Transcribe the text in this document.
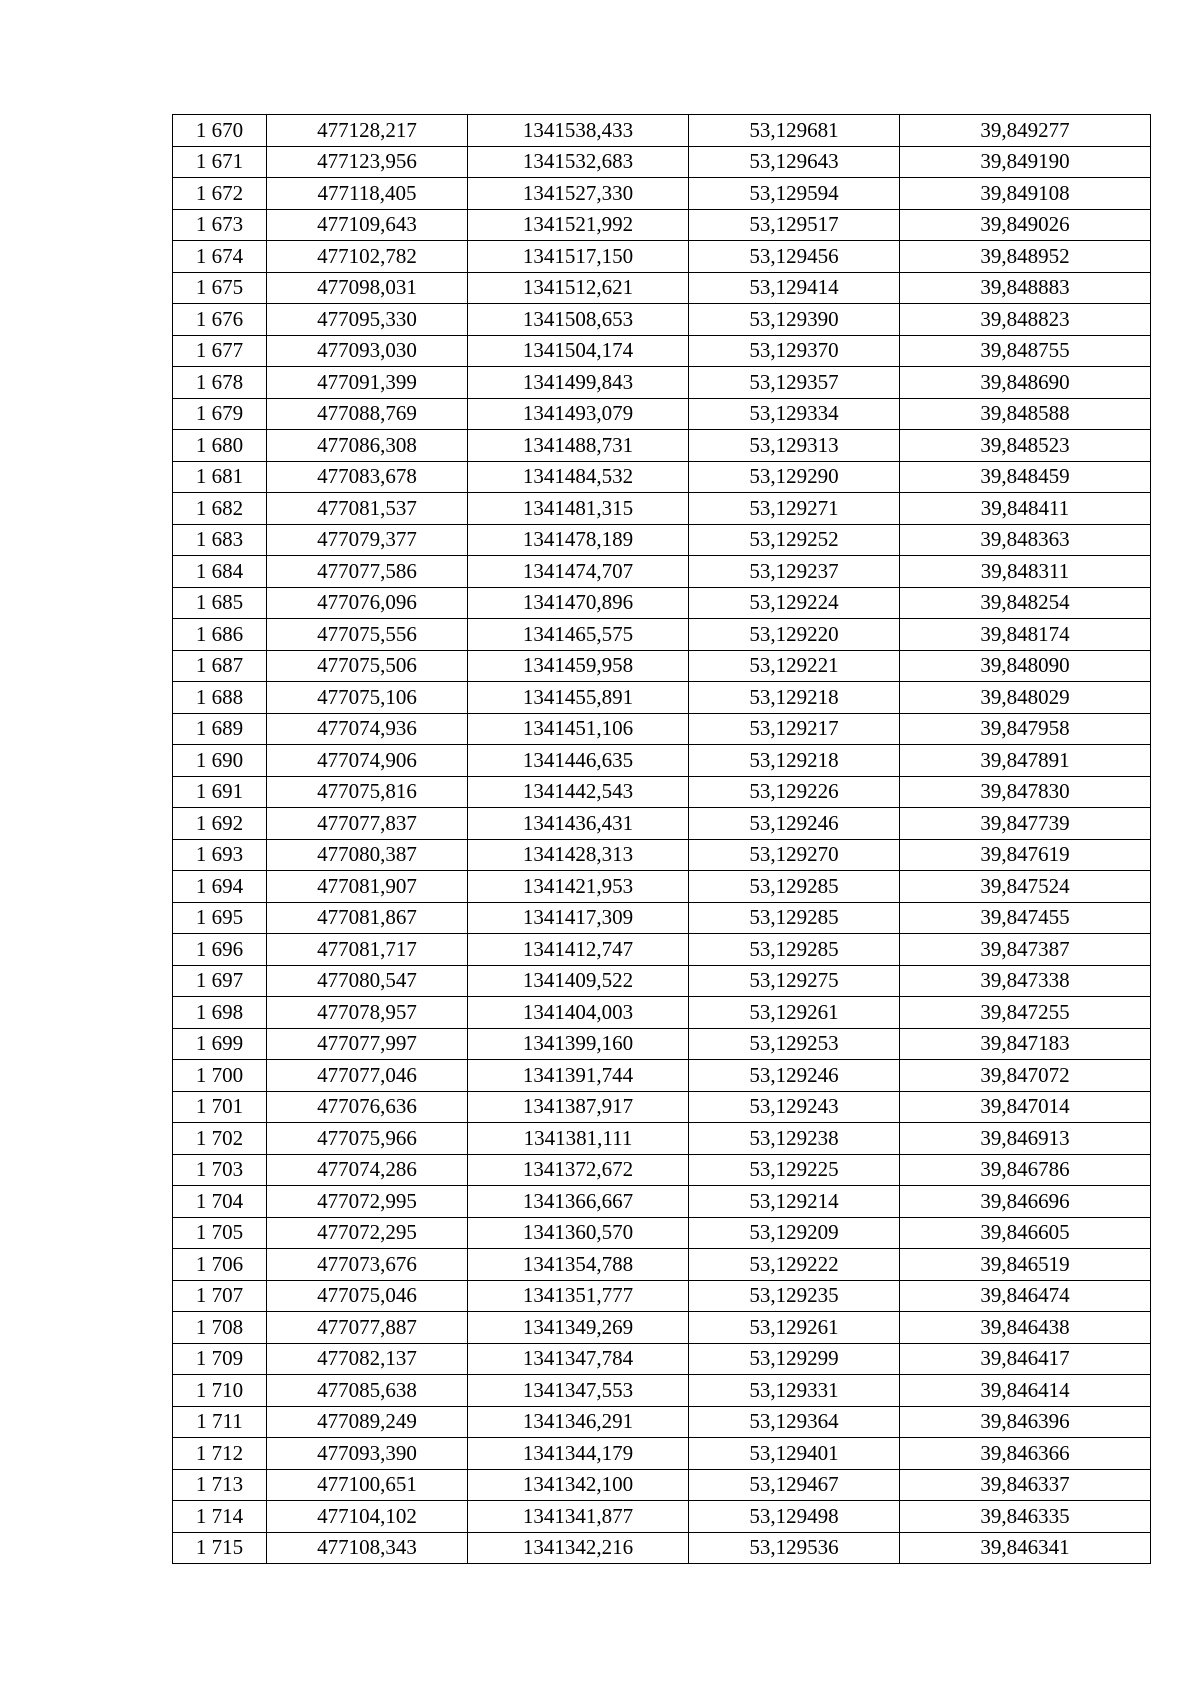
1 670	477128,217	1341538,433	53,129681	39,849277
1 671	477123,956	1341532,683	53,129643	39,849190
1 672	477118,405	1341527,330	53,129594	39,849108
1 673	477109,643	1341521,992	53,129517	39,849026
1 674	477102,782	1341517,150	53,129456	39,848952
1 675	477098,031	1341512,621	53,129414	39,848883
1 676	477095,330	1341508,653	53,129390	39,848823
1 677	477093,030	1341504,174	53,129370	39,848755
1 678	477091,399	1341499,843	53,129357	39,848690
1 679	477088,769	1341493,079	53,129334	39,848588
1 680	477086,308	1341488,731	53,129313	39,848523
1 681	477083,678	1341484,532	53,129290	39,848459
1 682	477081,537	1341481,315	53,129271	39,848411
1 683	477079,377	1341478,189	53,129252	39,848363
1 684	477077,586	1341474,707	53,129237	39,848311
1 685	477076,096	1341470,896	53,129224	39,848254
1 686	477075,556	1341465,575	53,129220	39,848174
1 687	477075,506	1341459,958	53,129221	39,848090
1 688	477075,106	1341455,891	53,129218	39,848029
1 689	477074,936	1341451,106	53,129217	39,847958
1 690	477074,906	1341446,635	53,129218	39,847891
1 691	477075,816	1341442,543	53,129226	39,847830
1 692	477077,837	1341436,431	53,129246	39,847739
1 693	477080,387	1341428,313	53,129270	39,847619
1 694	477081,907	1341421,953	53,129285	39,847524
1 695	477081,867	1341417,309	53,129285	39,847455
1 696	477081,717	1341412,747	53,129285	39,847387
1 697	477080,547	1341409,522	53,129275	39,847338
1 698	477078,957	1341404,003	53,129261	39,847255
1 699	477077,997	1341399,160	53,129253	39,847183
1 700	477077,046	1341391,744	53,129246	39,847072
1 701	477076,636	1341387,917	53,129243	39,847014
1 702	477075,966	1341381,111	53,129238	39,846913
1 703	477074,286	1341372,672	53,129225	39,846786
1 704	477072,995	1341366,667	53,129214	39,846696
1 705	477072,295	1341360,570	53,129209	39,846605
1 706	477073,676	1341354,788	53,129222	39,846519
1 707	477075,046	1341351,777	53,129235	39,846474
1 708	477077,887	1341349,269	53,129261	39,846438
1 709	477082,137	1341347,784	53,129299	39,846417
1 710	477085,638	1341347,553	53,129331	39,846414
1 711	477089,249	1341346,291	53,129364	39,846396
1 712	477093,390	1341344,179	53,129401	39,846366
1 713	477100,651	1341342,100	53,129467	39,846337
1 714	477104,102	1341341,877	53,129498	39,846335
1 715	477108,343	1341342,216	53,129536	39,846341
